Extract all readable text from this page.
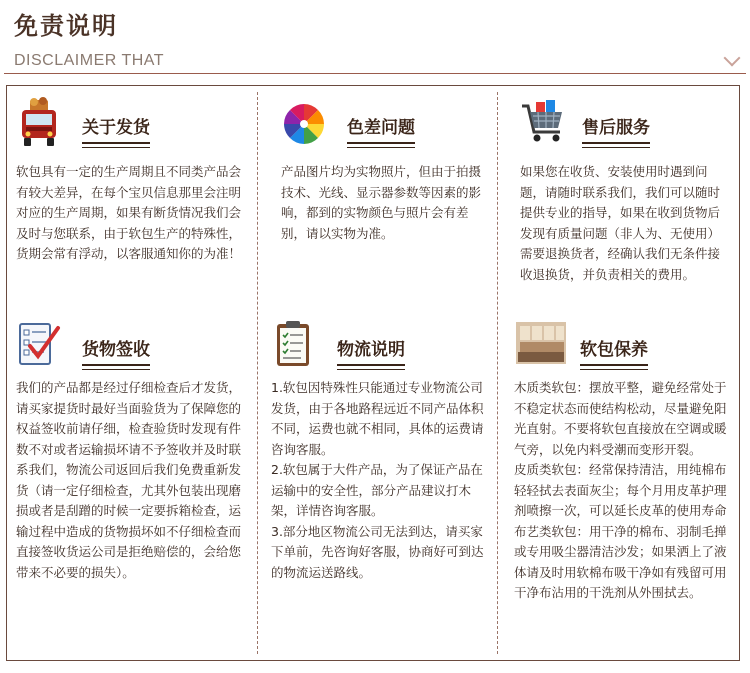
免责说明
DISCLAIMER THAT
关于发货

软包具有一定的生产周期且不同类产品会有较大差异，在每个宝贝信息那里会注明对应的生产周期，如果有断货情况我们会及时与您联系，由于软包生产的特殊性，货期会常有浮动，以客服通知你的为准！

色差问题

产品图片均为实物照片，但由于拍摄技术、光线、显示器参数等因素的影响，都到的实物颜色与照片会有差别，请以实物为准。

售后服务

如果您在收货、安装使用时遇到问题，请随时联系我们，我们可以随时提供专业的指导，如果在收到货物后发现有质量问题（非人为、无使用）需要退换货者，经确认我们无条件接收退换货，并负责相关的费用。

货物签收

我们的产品都是经过仔细检查后才发货，请买家提货时最好当面验货为了保障您的权益签收前请仔细，检查验货时发现有件数不对或者运输损坏请不予签收并及时联系我们，物流公司返回后我们免费重新发货（请一定仔细检查，尤其外包装出现磨损或者是刮蹭的时候一定要拆箱检查，运输过程中造成的货物损坏如不仔细检查而直接签收货运公司是拒绝赔偿的，会给您带来不必要的损失）。

物流说明

1.软包因特殊性只能通过专业物流公司发货，由于各地路程远近不同产品体积不同，运费也就不相同，具体的运费请咨询客服。

2.软包属于大件产品，为了保证产品在运输中的安全性，部分产品建议打木架，详情咨询客服。

3.部分地区物流公司无法到达，请买家下单前，先咨询好客服，协商好可到达的物流运送路线。

软包保养

木质类软包：摆放平整，避免经常处于不稳定状态而使结构松动，尽量避免阳光直射。不要将软包直接放在空调或暖气旁，以免内料受潮而变形开裂。

皮质类软包：经常保持清洁，用纯棉布轻轻拭去表面灰尘；每个月用皮革护理剂喷擦一次，可以延长皮革的使用寿命

布艺类软包：用干净的棉布、羽制毛掸或专用吸尘器清洁沙发；如果洒上了液体请及时用软棉布吸干净如有残留可用干净布沾用的干洗剂从外围拭去。
